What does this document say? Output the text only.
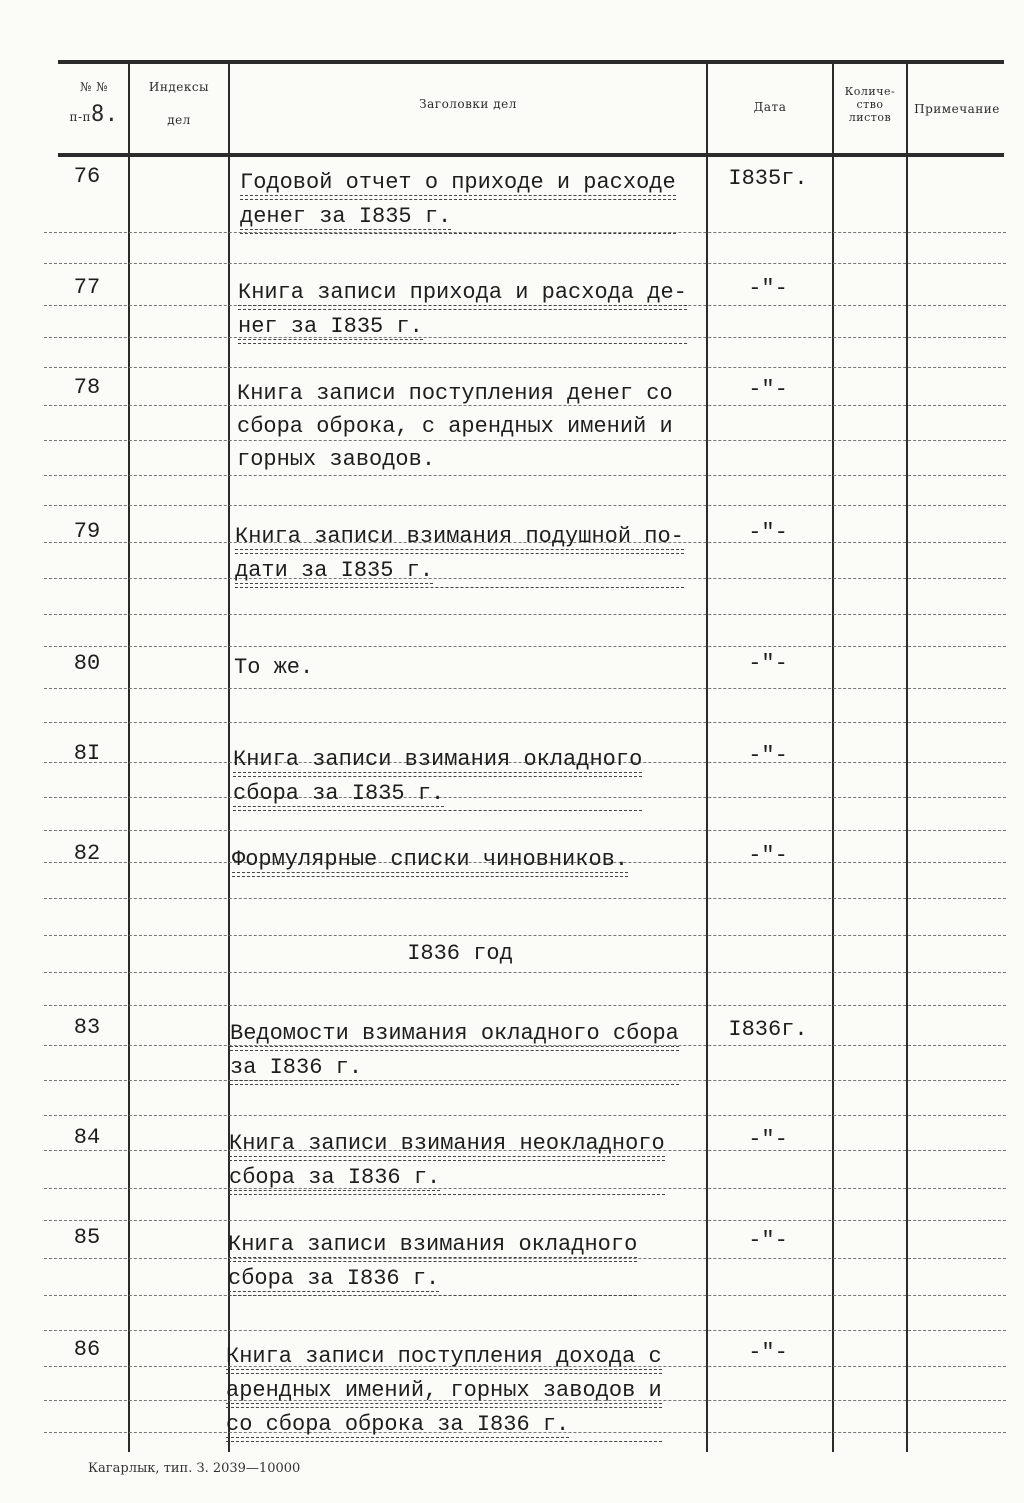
№ №
п-п8.
Индексы
дел
Заголовки дел	Дата
Количе-
ство
листов
Примечание
76
77
78
79
80
8I
82
83
84
85
86
Годовой отчет о приходе и расходе
денег за I835 г.
Книга записи прихода и расхода де-
нег за I835 г.
Книга записи поступления денег со
сбора оброка, с арендных имений и
горных заводов.
Книга записи взимания подушной по-
дати за I835 г.
То же.
Книга записи взимания окладного
сбора за I835 г.
Формулярные списки чиновников.
I836 год
Ведомости взимания окладного сбора
за I836 г.
Книга записи взимания неокладного
сбора за I836 г.
Книга записи взимания окладного
сбора за I836 г.
Книга записи поступления дохода с
арендных имений, горных заводов и
со сбора оброка за I836 г.
I835г.
-"-
-"-
-"-
-"-
-"-
-"-
I836г.
-"-
-"-
-"-
Кагарлык, тип. З. 2039—10000
